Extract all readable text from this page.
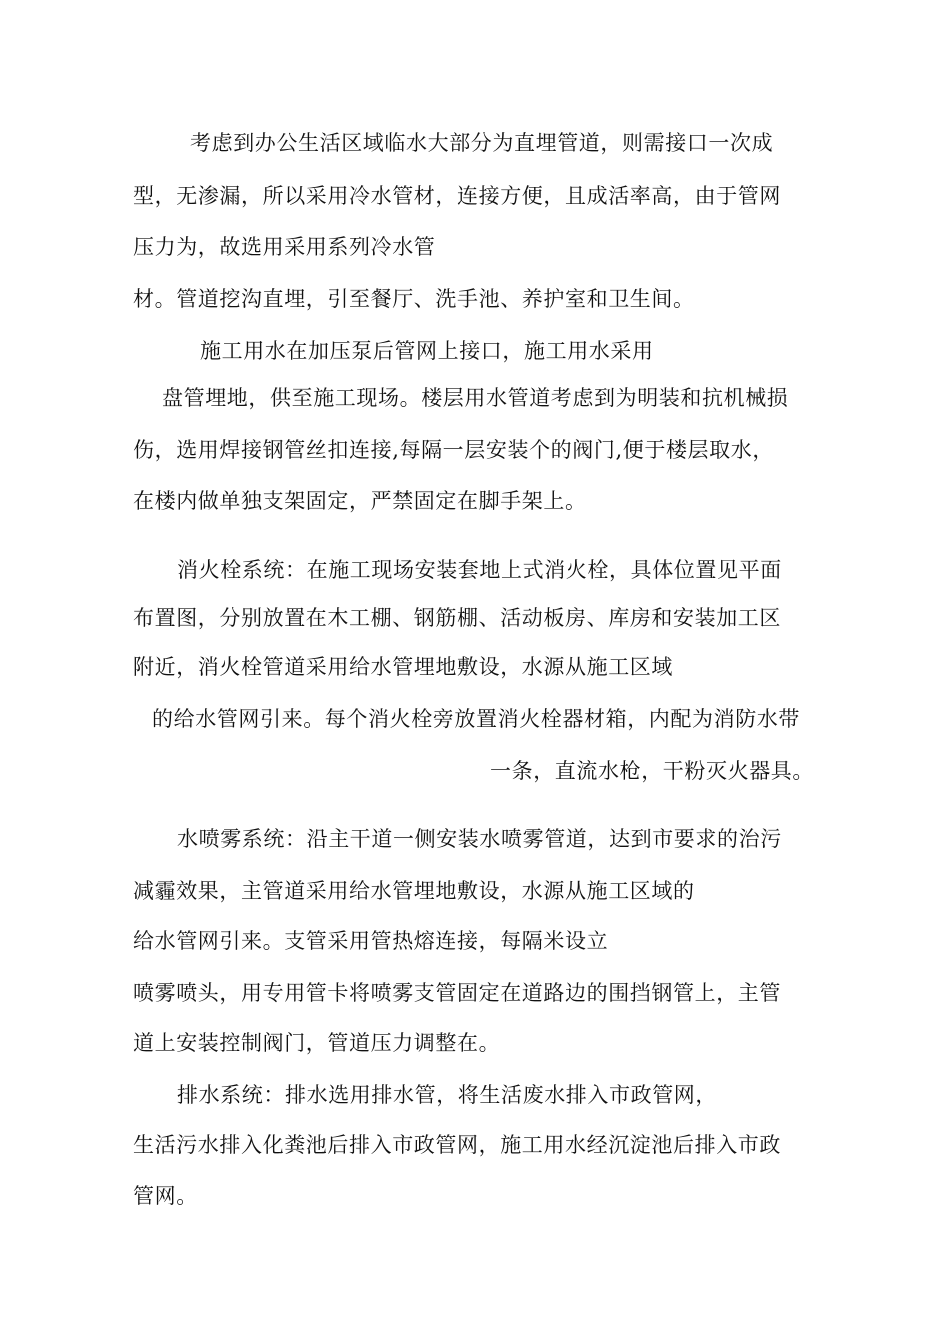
考虑到办公生活区域临水大部分为直埋管道，则需接口一次成

型，无渗漏，所以采用冷水管材，连接方便，且成活率高，由于管网

压力为，故选用采用系列冷水管

材。管道挖沟直埋，引至餐厅、洗手池、养护室和卫生间。

施工用水在加压泵后管网上接口，施工用水采用

盘管埋地，供至施工现场。楼层用水管道考虑到为明装和抗机械损

伤，选用焊接钢管丝扣连接,每隔一层安装个的阀门,便于楼层取水，

在楼内做单独支架固定，严禁固定在脚手架上。

消火栓系统：在施工现场安装套地上式消火栓，具体位置见平面

布置图，分别放置在木工棚、钢筋棚、活动板房、库房和安装加工区

附近，消火栓管道采用给水管埋地敷设，水源从施工区域

的给水管网引来。每个消火栓旁放置消火栓器材箱，内配为消防水带

一条，直流水枪，干粉灭火器具。

水喷雾系统：沿主干道一侧安装水喷雾管道，达到市要求的治污

减霾效果，主管道采用给水管埋地敷设，水源从施工区域的

给水管网引来。支管采用管热熔连接，每隔米设立

喷雾喷头，用专用管卡将喷雾支管固定在道路边的围挡钢管上，主管

道上安装控制阀门，管道压力调整在。

排水系统：排水选用排水管，将生活废水排入市政管网，

生活污水排入化粪池后排入市政管网，施工用水经沉淀池后排入市政

管网。
